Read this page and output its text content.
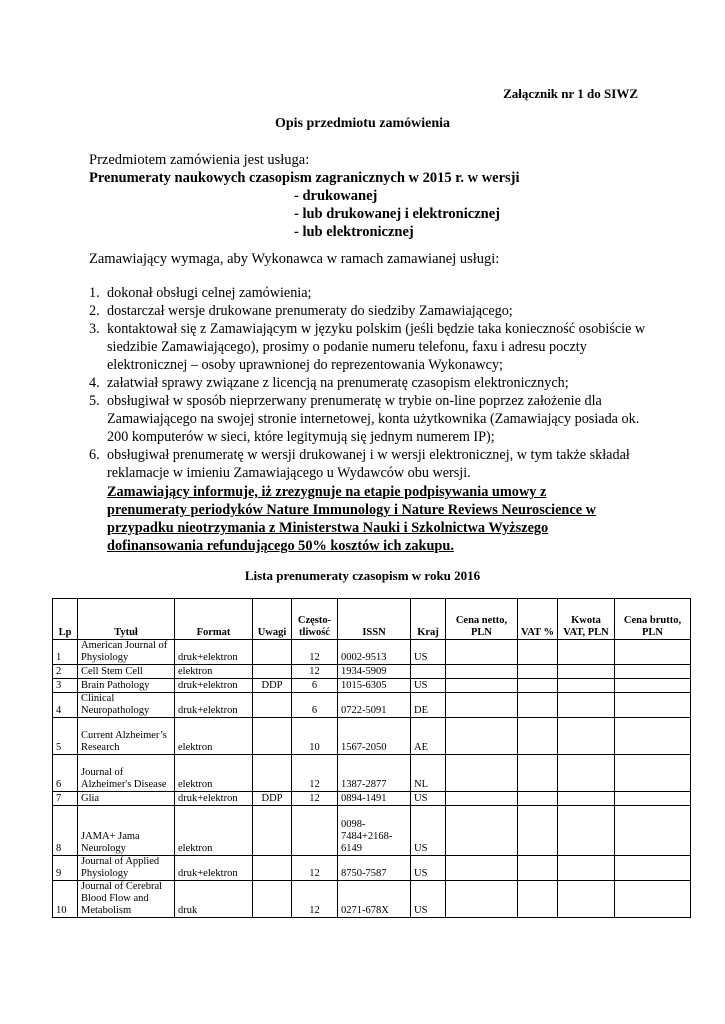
Załącznik nr 1 do SIWZ
Opis przedmiotu zamówienia
Przedmiotem zamówienia jest usługa:
Prenumeraty naukowych czasopism zagranicznych w 2015 r. w wersji
- drukowanej
- lub drukowanej i elektronicznej
- lub elektronicznej
Zamawiający wymaga, aby Wykonawca w ramach zamawianej usługi:
1. dokonał obsługi celnej zamówienia;
2. dostarczał wersje drukowane prenumeraty do siedziby Zamawiającego;
3. kontaktował się z Zamawiającym w języku polskim (jeśli będzie taka konieczność osobiście w siedzibie Zamawiającego), prosimy o podanie numeru telefonu, faxu i adresu poczty elektronicznej – osoby uprawnionej do reprezentowania Wykonawcy;
4. załatwiał sprawy związane z licencją na prenumeratę czasopism elektronicznych;
5. obsługiwał w sposób nieprzerwany prenumeratę w trybie on-line poprzez założenie dla Zamawiającego na swojej stronie internetowej, konta użytkownika (Zamawiający posiada ok. 200 komputerów w sieci, które legitymują się jednym numerem IP);
6. obsługiwał prenumeratę w wersji drukowanej i w wersji elektronicznej, w tym także składał reklamacje w imieniu Zamawiającego u Wydawców obu wersji.
Zamawiający informuje, iż zrezygnuje na etapie podpisywania umowy z prenumeraty periodyków Nature Immunology i Nature Reviews Neuroscience w przypadku nieotrzymania z Ministerstwa Nauki i Szkolnictwa Wyższego dofinansowania refundującego 50% kosztów ich zakupu.
Lista prenumeraty czasopism w roku 2016
Lp	Tytuł	Format	Uwagi	Częstotliwość	ISSN	Kraj	Cena netto, PLN	VAT %	Kwota VAT, PLN	Cena brutto, PLN
1	American Journal of Physiology	druk+elektron		12	0002-9513	US				
2	Cell Stem Cell	elektron		12	1934-5909					
3	Brain Pathology	druk+elektron	DDP	6	1015-6305	US				
4	Clinical Neuropathology	druk+elektron		6	0722-5091	DE				
5	Current Alzheimer’s Research	elektron		10	1567-2050	AE				
6	Journal of Alzheimer's Disease	elektron		12	1387-2877	NL				
7	Glia	druk+elektron	DDP	12	0894-1491	US				
8	JAMA+ Jama Neurology	elektron			0098-7484+2168-6149	US				
9	Journal of Applied Physiology	druk+elektron		12	8750-7587	US				
10	Journal of Cerebral Blood Flow and Metabolism	druk		12	0271-678X	US				
